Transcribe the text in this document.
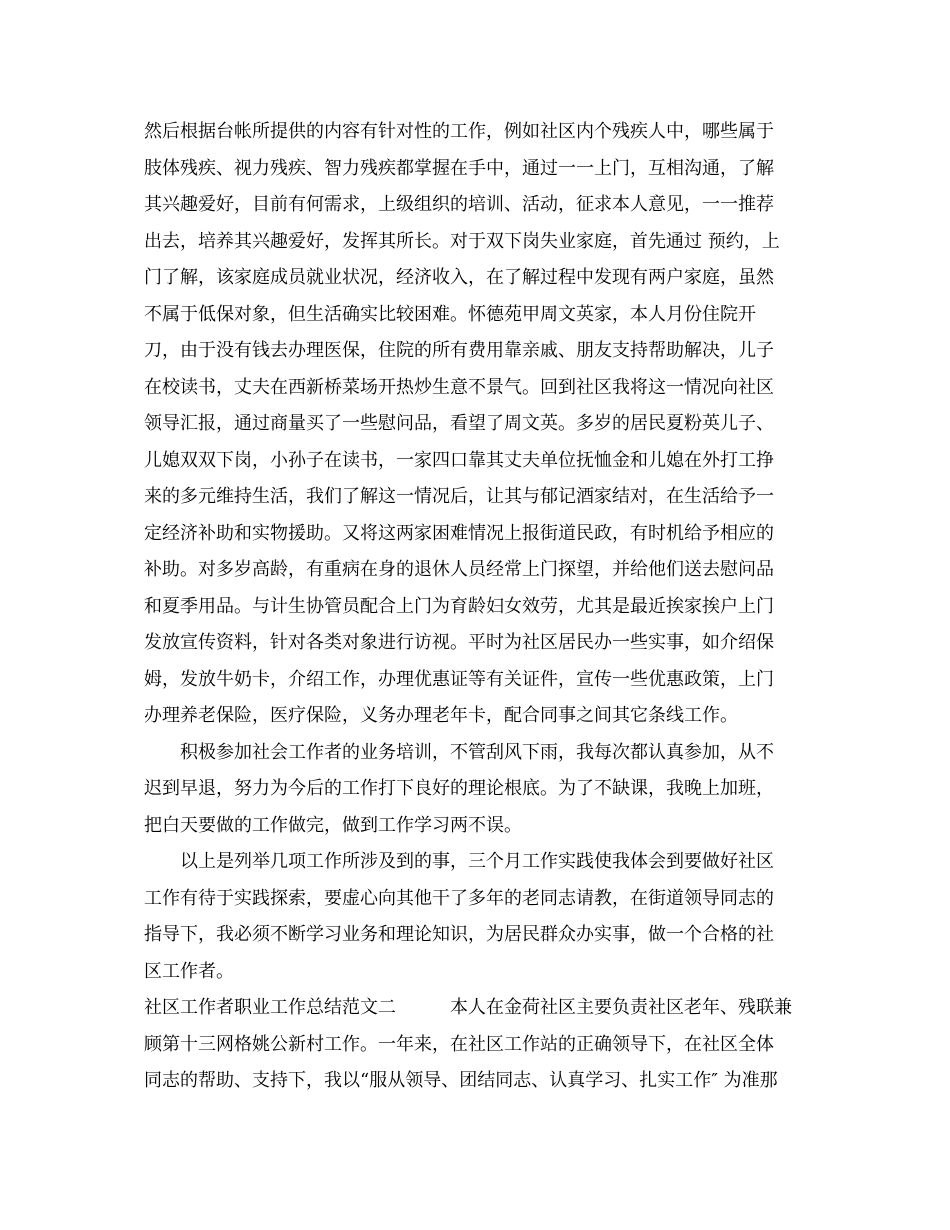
然后根据台帐所提供的内容有针对性的工作，例如社区内个残疾人中，哪些属于
肢体残疾、视力残疾、智力残疾都掌握在手中，通过一一上门，互相沟通，了解
其兴趣爱好，目前有何需求，上级组织的培训、活动，征求本人意见，一一推荐
出去，培养其兴趣爱好，发挥其所长。对于双下岗失业家庭，首先通过 预约，上
门了解，该家庭成员就业状况，经济收入，在了解过程中发现有两户家庭，虽然
不属于低保对象，但生活确实比较困难。怀德苑甲周文英家，本人月份住院开
刀，由于没有钱去办理医保，住院的所有费用靠亲戚、朋友支持帮助解决，儿子
在校读书，丈夫在西新桥菜场开热炒生意不景气。回到社区我将这一情况向社区
领导汇报，通过商量买了一些慰问品，看望了周文英。多岁的居民夏粉英儿子、
儿媳双双下岗，小孙子在读书，一家四口靠其丈夫单位抚恤金和儿媳在外打工挣
来的多元维持生活，我们了解这一情况后，让其与郁记酒家结对，在生活给予一
定经济补助和实物援助。又将这两家困难情况上报街道民政，有时机给予相应的
补助。对多岁高龄，有重病在身的退休人员经常上门探望，并给他们送去慰问品
和夏季用品。与计生协管员配合上门为育龄妇女效劳，尤其是最近挨家挨户上门
发放宣传资料，针对各类对象进行访视。平时为社区居民办一些实事，如介绍保
姆，发放牛奶卡，介绍工作，办理优惠证等有关证件，宣传一些优惠政策，上门
办理养老保险，医疗保险，义务办理老年卡，配合同事之间其它条线工作。
　　积极参加社会工作者的业务培训，不管刮风下雨，我每次都认真参加，从不
迟到早退，努力为今后的工作打下良好的理论根底。为了不缺课，我晚上加班，
把白天要做的工作做完，做到工作学习两不误。
　　以上是列举几项工作所涉及到的事，三个月工作实践使我体会到要做好社区
工作有待于实践探索，要虚心向其他干了多年的老同志请教，在街道领导同志的
指导下，我必须不断学习业务和理论知识，为居民群众办实事，做一个合格的社
区工作者。
社区工作者职业工作总结范文二　　　本人在金荷社区主要负责社区老年、残联兼
顾第十三网格姚公新村工作。一年来，在社区工作站的正确领导下，在社区全体
同志的帮助、支持下，我以“服从领导、团结同志、认真学习、扎实工作″ 为准那
